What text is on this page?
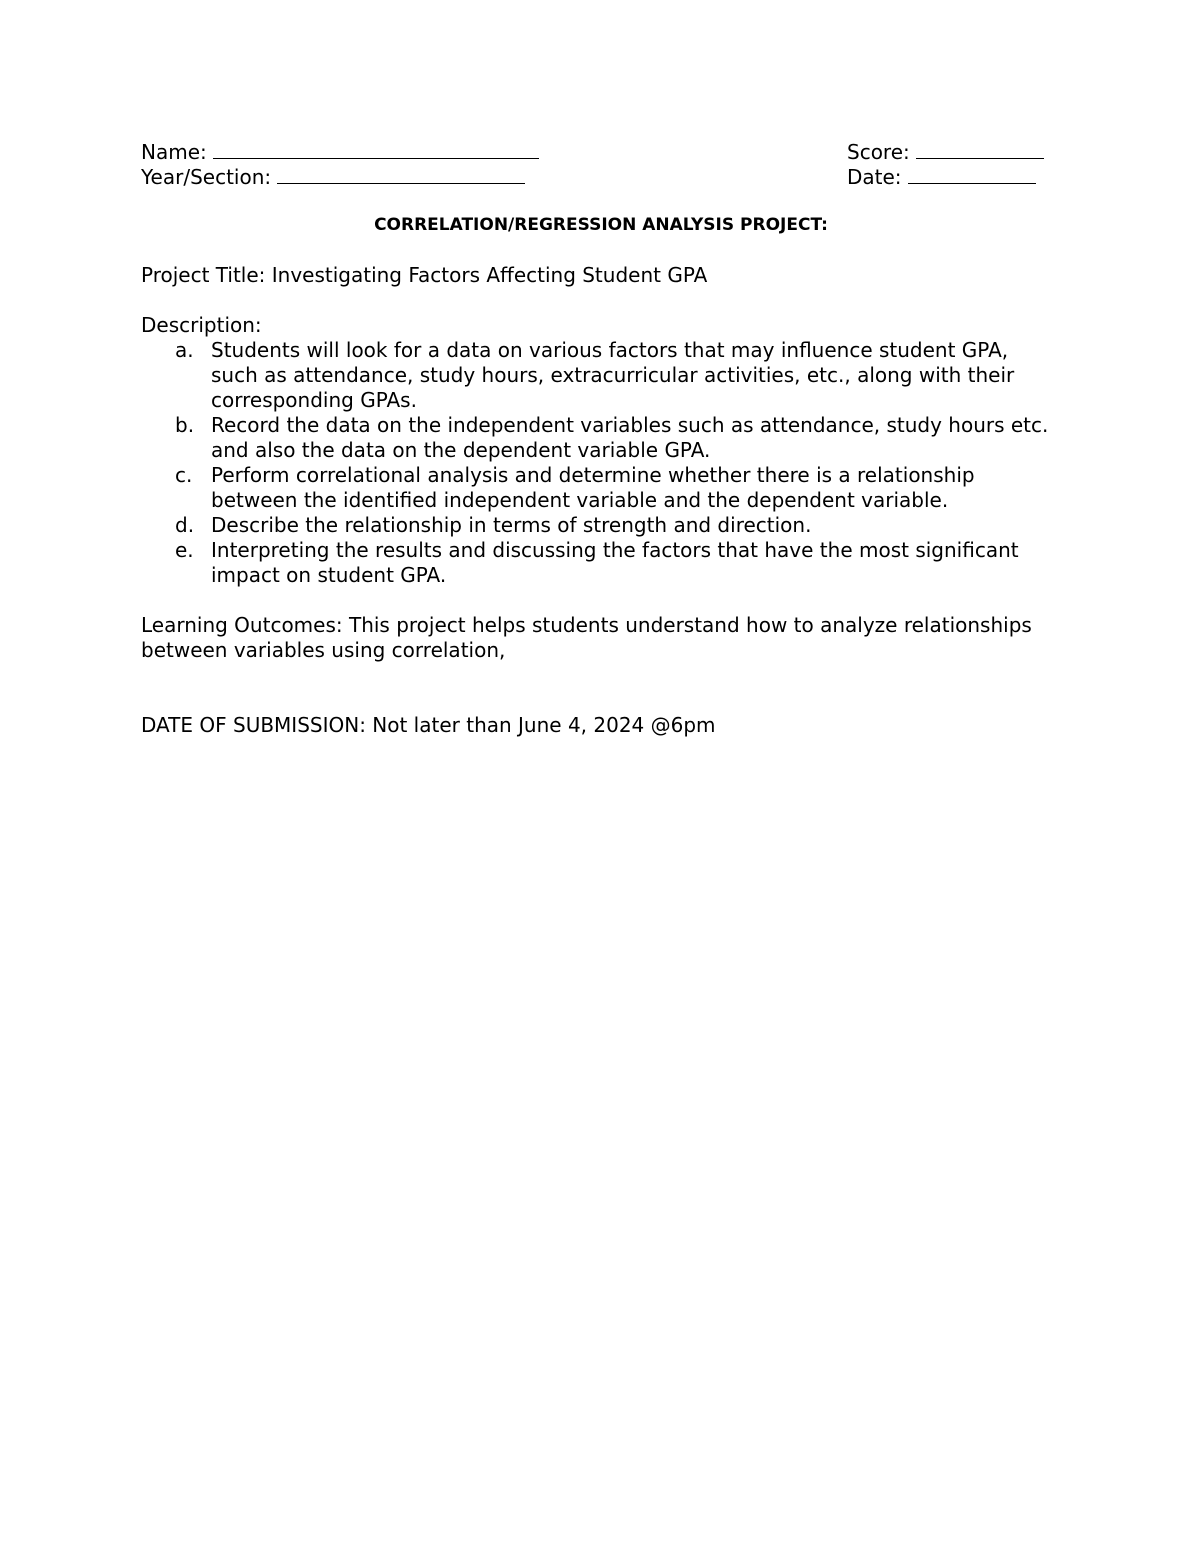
Name:	Score:
Year/Section:	Date:
CORRELATION/REGRESSION ANALYSIS PROJECT:

Project Title: Investigating Factors Affecting Student GPA

Description:

a. Students will look for a data on various factors that may influence student GPA, such as attendance, study hours, extracurricular activities, etc., along with their corresponding GPAs.
b. Record the data on the independent variables such as attendance, study hours etc. and also the data on the dependent variable GPA.
c. Perform correlational analysis and determine whether there is a relationship between the identified independent variable and the dependent variable.
d. Describe the relationship in terms of strength and direction.
e. Interpreting the results and discussing the factors that have the most significant impact on student GPA.

Learning Outcomes: This project helps students understand how to analyze relationships between variables using correlation,

DATE OF SUBMISSION: Not later than June 4, 2024 @6pm
